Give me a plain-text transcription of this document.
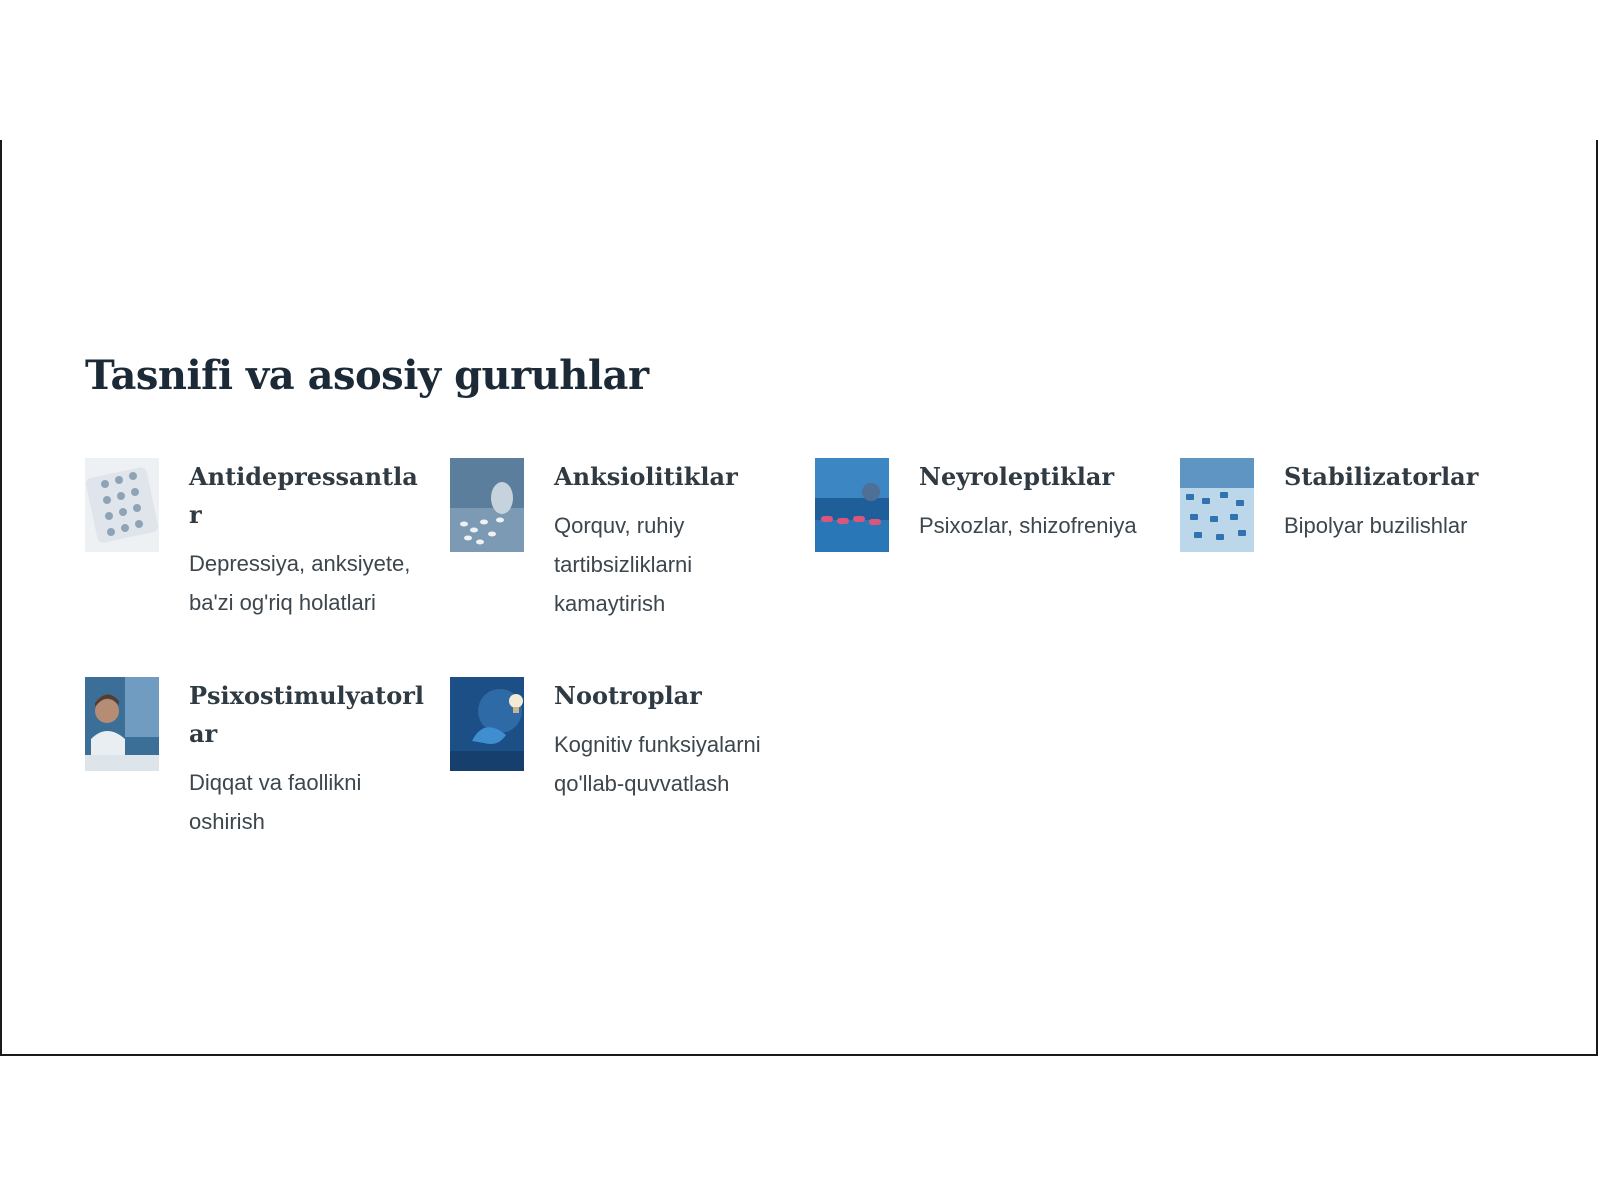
Tasnifi va asosiy guruhlar
Antidepressantlar

Depressiya, anksiyete, ba'zi og'riq holatlari

Anksiolitiklar

Qorquv, ruhiy tartibsizliklarni kamaytirish

Neyroleptiklar

Psixozlar, shizofreniya

Stabilizatorlar

Bipolyar buzilishlar

Psixostimulyatorlar

Diqqat va faollikni oshirish

Nootroplar

Kognitiv funksiyalarni qo'llab-quvvatlash
